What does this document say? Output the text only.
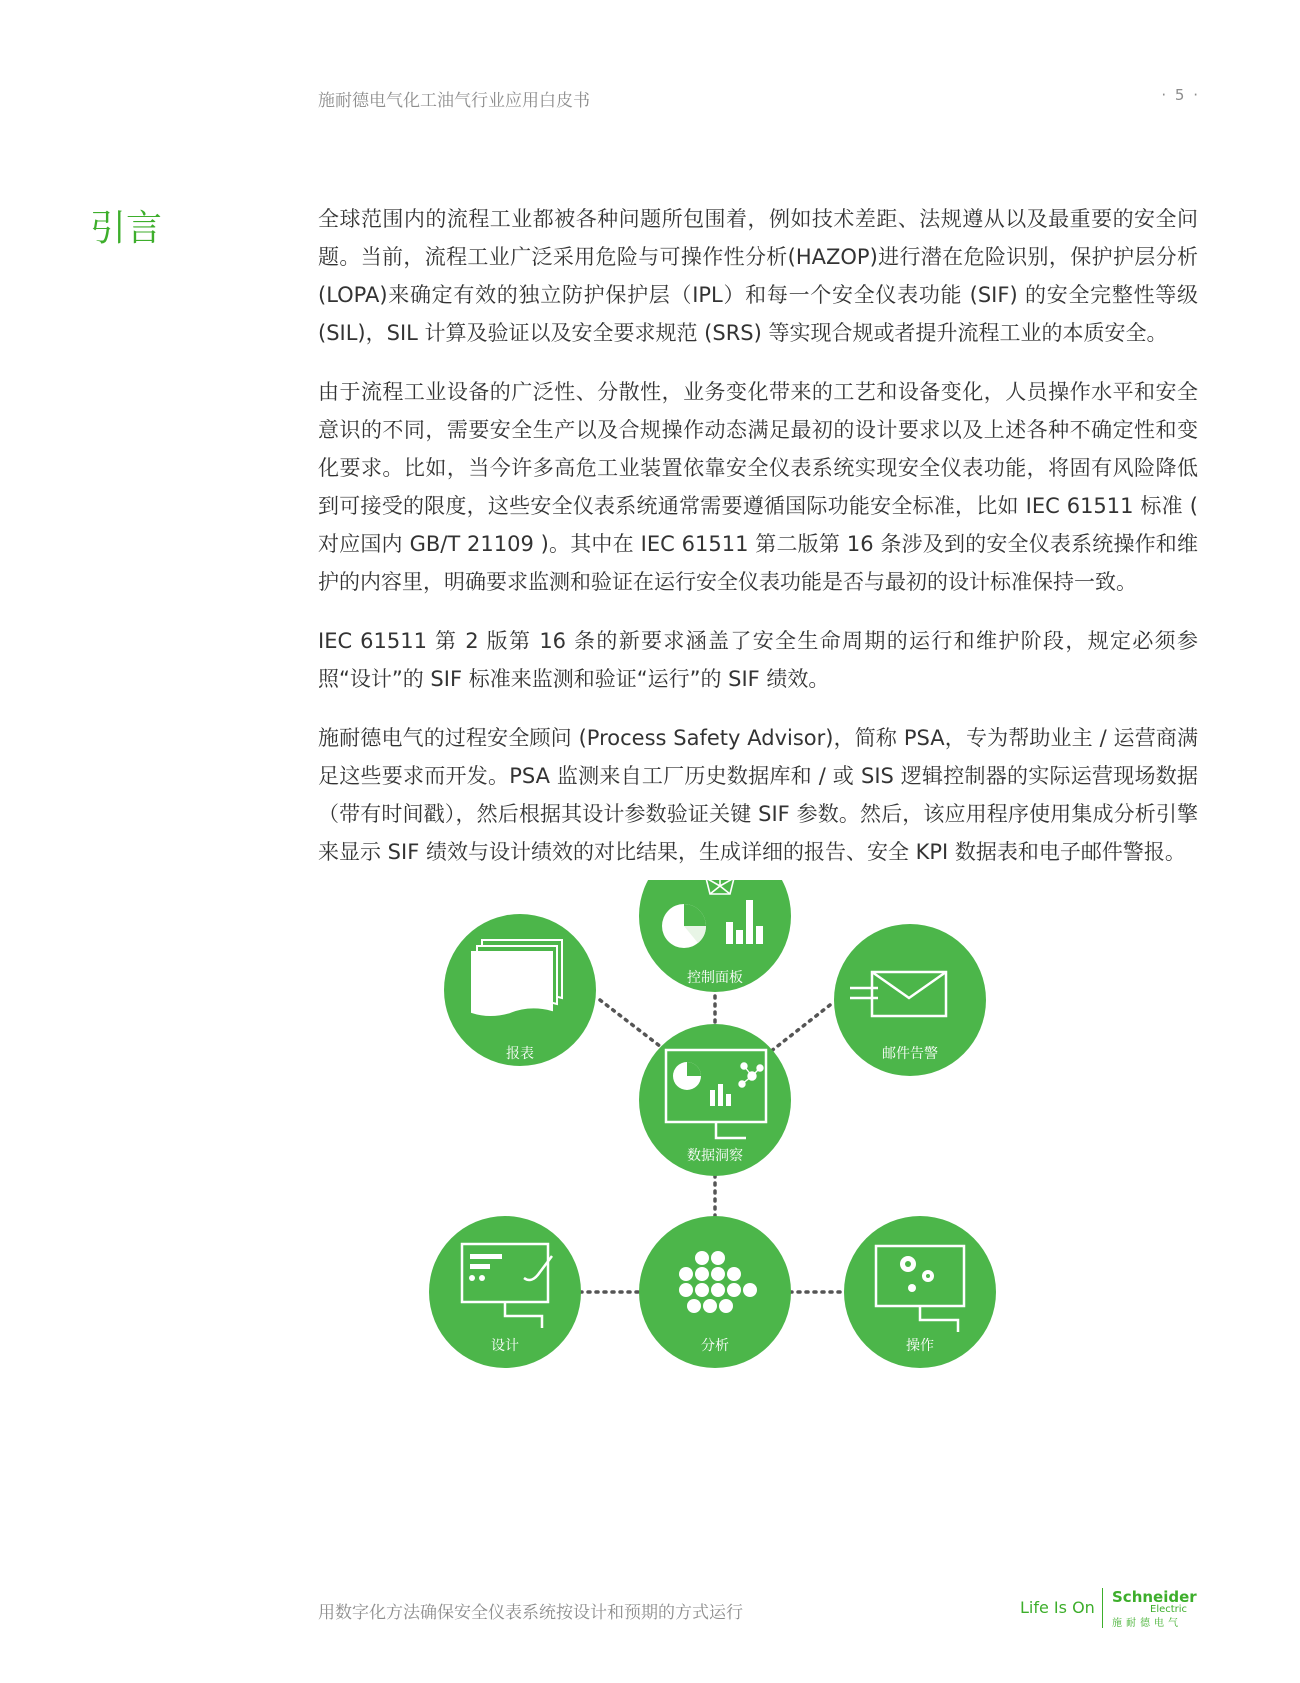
施耐德电气化工油气行业应用白皮书	· 5 ·
引言	全球范围内的流程工业都被各种问题所包围着，例如技术差距、法规遵从以及最重要的安全问题。当前，流程工业广泛采用危险与可操作性分析(HAZOP)进行潜在危险识别，保护护层分析(LOPA)来确定有效的独立防护保护层（IPL）和每一个安全仪表功能 (SIF) 的安全完整性等级 (SIL)，SIL 计算及验证以及安全要求规范 (SRS) 等实现合规或者提升流程工业的本质安全。

由于流程工业设备的广泛性、分散性，业务变化带来的工艺和设备变化，人员操作水平和安全意识的不同，需要安全生产以及合规操作动态满足最初的设计要求以及上述各种不确定性和变化要求。比如，当今许多高危工业装置依靠安全仪表系统实现安全仪表功能，将固有风险降低到可接受的限度，这些安全仪表系统通常需要遵循国际功能安全标准，比如 IEC 61511 标准 ( 对应国内 GB/T 21109 )。其中在 IEC 61511 第二版第 16 条涉及到的安全仪表系统操作和维护的内容里，明确要求监测和验证在运行安全仪表功能是否与最初的设计标准保持一致。

IEC 61511 第 2 版第 16 条的新要求涵盖了安全生命周期的运行和维护阶段，规定必须参照“设计”的 SIF 标准来监测和验证“运行”的 SIF 绩效。

施耐德电气的过程安全顾问 (Process Safety Advisor)，简称 PSA，专为帮助业主 / 运营商满足这些要求而开发。PSA 监测来自工厂历史数据库和 / 或 SIS 逻辑控制器的实际运营现场数据（带有时间戳），然后根据其设计参数验证关键 SIF 参数。然后，该应用程序使用集成分析引擎来显示 SIF 绩效与设计绩效的对比结果，生成详细的报告、安全 KPI 数据表和电子邮件警报。

控制面板
报表	邮件告警
数据洞察
设计	分析	操作
用数字化方法确保安全仪表系统按设计和预期的方式运行	Life Is On
Schneider
Electric
施耐德电气
